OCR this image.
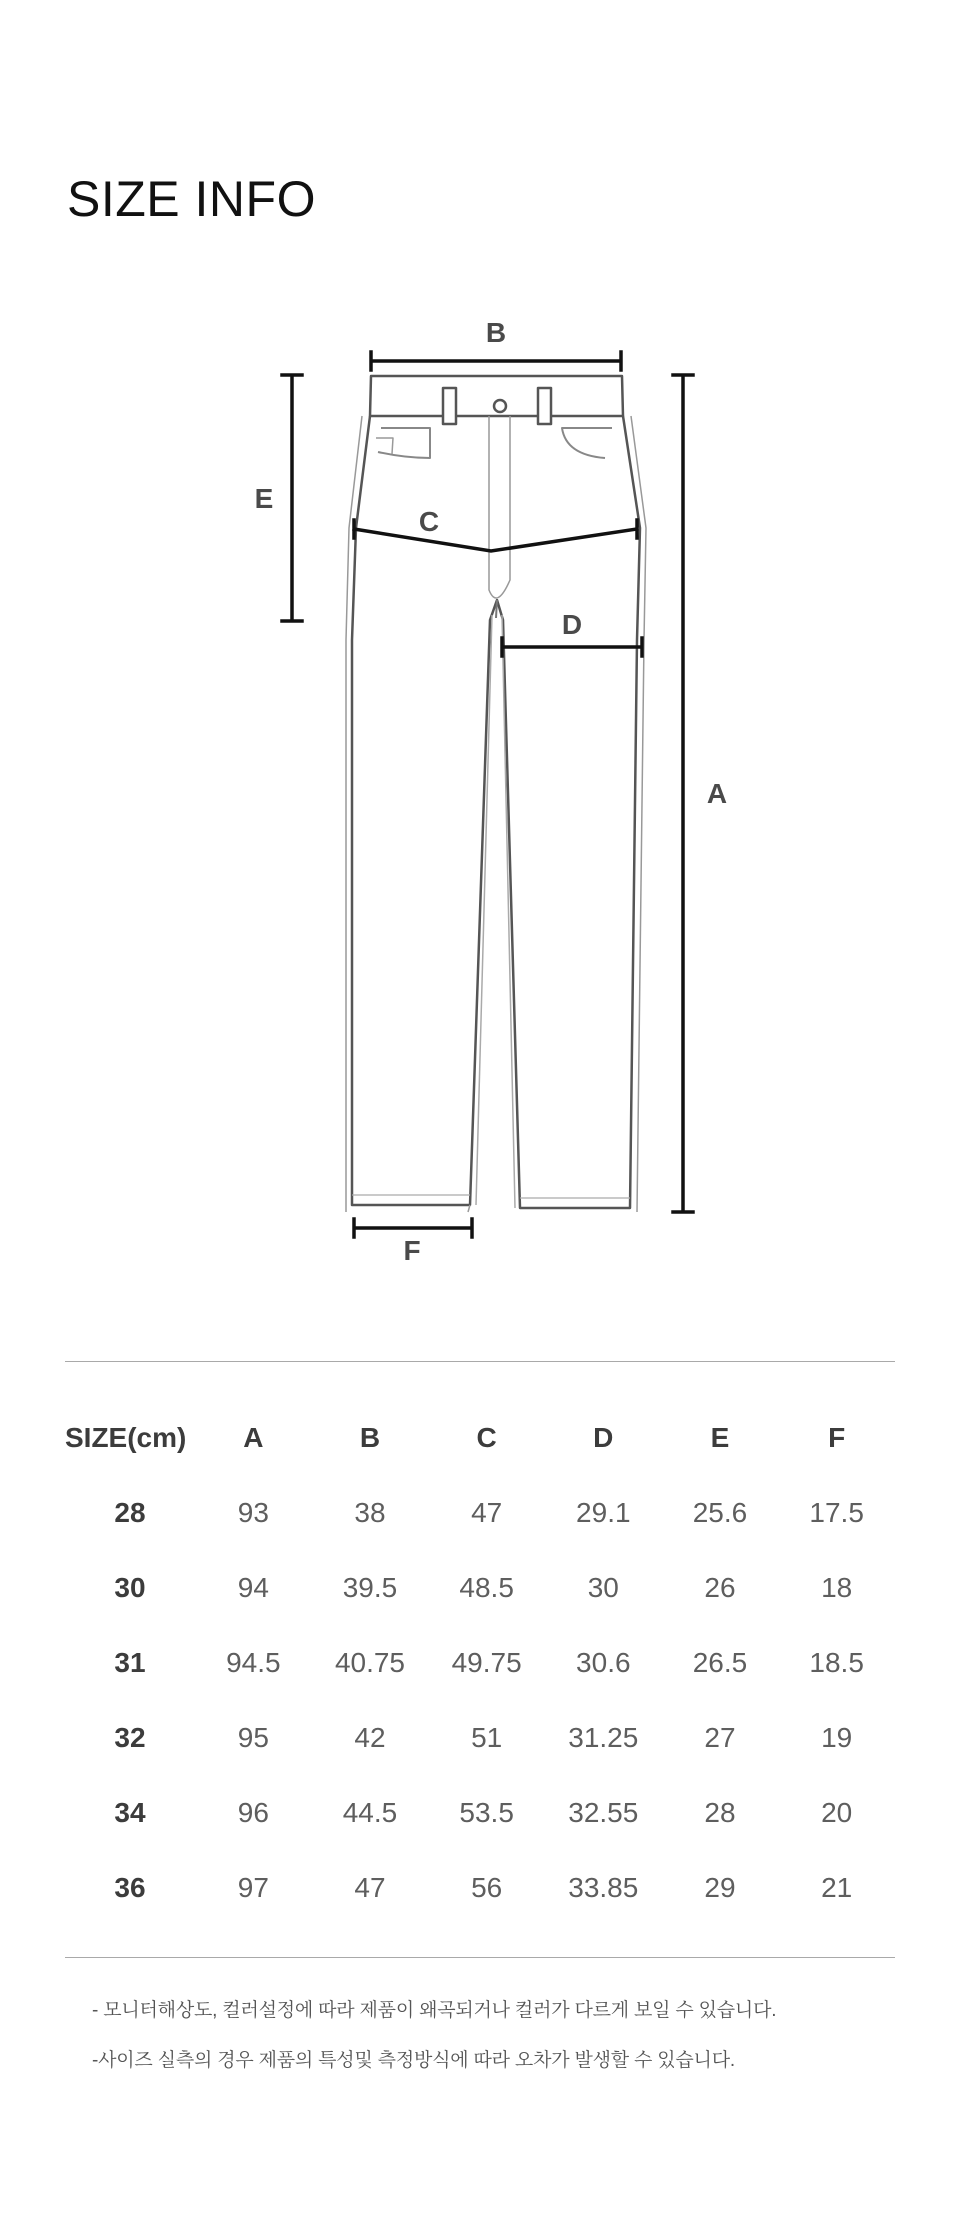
SIZE INFO
B
E
C
D
A
F
SIZE(cm)	A	B	C	D	E	F
28	93	38	47	29.1	25.6	17.5
30	94	39.5	48.5	30	26	18
31	94.5	40.75	49.75	30.6	26.5	18.5
32	95	42	51	31.25	27	19
34	96	44.5	53.5	32.55	28	20
36	97	47	56	33.85	29	21
- 모니터해상도, 컬러설정에 따라 제품이 왜곡되거나 컬러가 다르게 보일 수 있습니다.
-사이즈 실측의 경우 제품의 특성및 측정방식에 따라 오차가 발생할 수 있습니다.
